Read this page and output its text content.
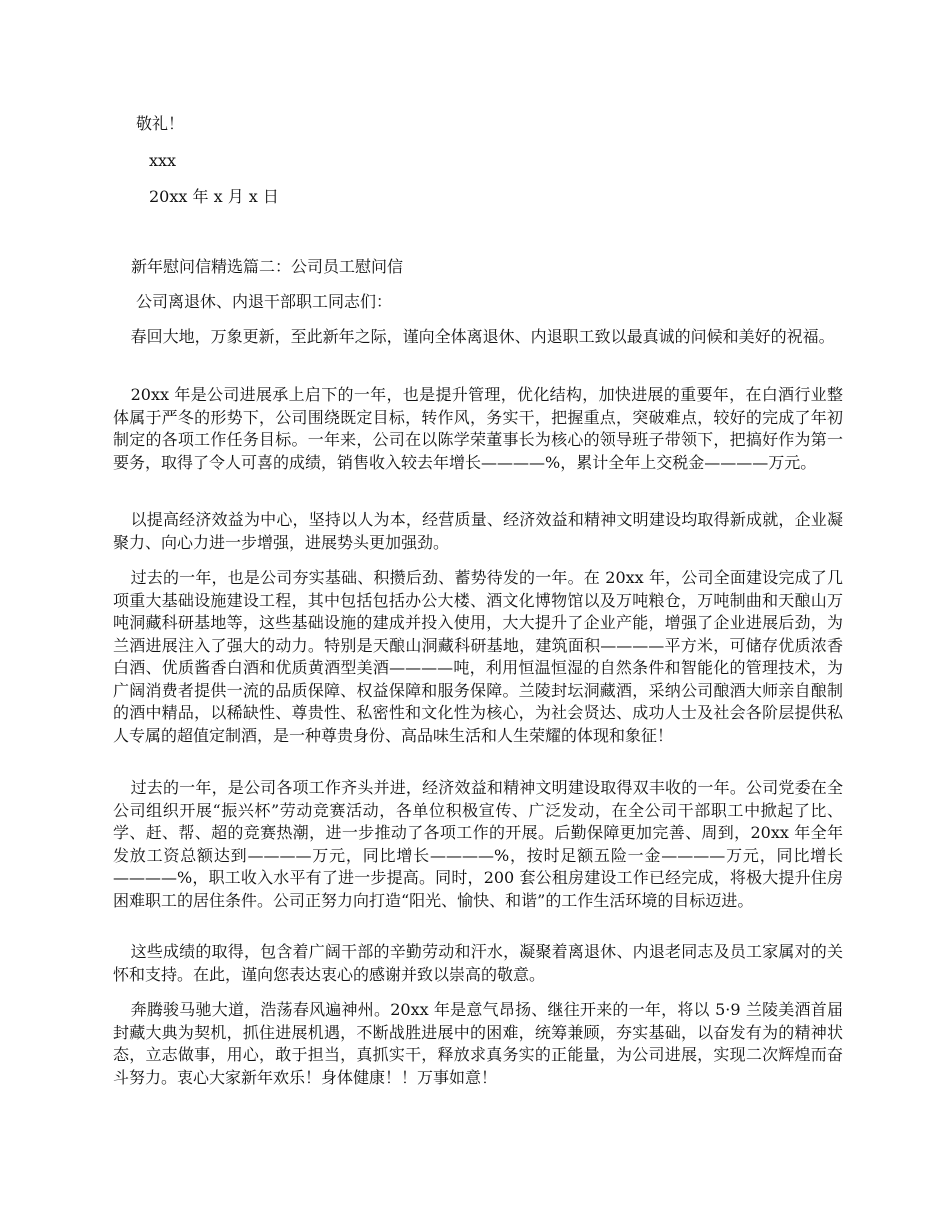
敬礼！
xxx
20xx 年 x 月 x 日
新年慰问信精选篇二：公司员工慰问信
公司离退休、内退干部职工同志们：

春回大地，万象更新，至此新年之际，谨向全体离退休、内退职工致以最真诚的问候和美好的祝福。

20xx 年是公司进展承上启下的一年，也是提升管理，优化结构，加快进展的重要年，在白酒行业整体属于严冬的形势下，公司围绕既定目标，转作风，务实干，把握重点，突破难点，较好的完成了年初制定的各项工作任务目标。一年来，公司在以陈学荣董事长为核心的领导班子带领下，把搞好作为第一要务，取得了令人可喜的成绩，销售收入较去年增长————%，累计全年上交税金————万元。

以提高经济效益为中心，坚持以人为本，经营质量、经济效益和精神文明建设均取得新成就，企业凝聚力、向心力进一步增强，进展势头更加强劲。

过去的一年，也是公司夯实基础、积攒后劲、蓄势待发的一年。在 20xx 年，公司全面建设完成了几项重大基础设施建设工程，其中包括包括办公大楼、酒文化博物馆以及万吨粮仓，万吨制曲和天酿山万吨洞藏科研基地等，这些基础设施的建成并投入使用，大大提升了企业产能，增强了企业进展后劲，为兰酒进展注入了强大的动力。特别是天酿山洞藏科研基地，建筑面积————平方米，可储存优质浓香白酒、优质酱香白酒和优质黄酒型美酒————吨，利用恒温恒湿的自然条件和智能化的管理技术，为广阔消费者提供一流的品质保障、权益保障和服务保障。兰陵封坛洞藏酒，采纳公司酿酒大师亲自酿制的酒中精品，以稀缺性、尊贵性、私密性和文化性为核心，为社会贤达、成功人士及社会各阶层提供私人专属的超值定制酒，是一种尊贵身份、高品味生活和人生荣耀的体现和象征！

过去的一年，是公司各项工作齐头并进，经济效益和精神文明建设取得双丰收的一年。公司党委在全公司组织开展“振兴杯”劳动竞赛活动，各单位积极宣传、广泛发动，在全公司干部职工中掀起了比、学、赶、帮、超的竞赛热潮，进一步推动了各项工作的开展。后勤保障更加完善、周到，20xx 年全年发放工资总额达到————万元，同比增长————%，按时足额五险一金————万元，同比增长————%，职工收入水平有了进一步提高。同时，200 套公租房建设工作已经完成，将极大提升住房困难职工的居住条件。公司正努力向打造“阳光、愉快、和谐”的工作生活环境的目标迈进。

这些成绩的取得，包含着广阔干部的辛勤劳动和汗水，凝聚着离退休、内退老同志及员工家属对的关怀和支持。在此，谨向您表达衷心的感谢并致以崇高的敬意。

奔腾骏马驰大道，浩荡春风遍神州。20xx 年是意气昂扬、继往开来的一年，将以 5·9 兰陵美酒首届封藏大典为契机，抓住进展机遇，不断战胜进展中的困难，统筹兼顾，夯实基础，以奋发有为的精神状态，立志做事，用心，敢于担当，真抓实干，释放求真务实的正能量，为公司进展，实现二次辉煌而奋斗努力。衷心大家新年欢乐！身体健康！！万事如意！
